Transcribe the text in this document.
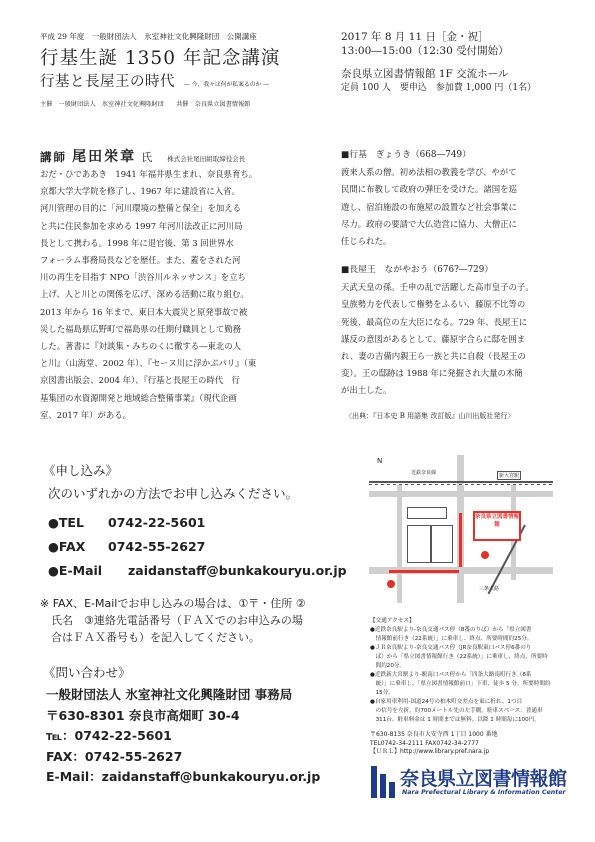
平成 29 年度　一般財団法人　氷室神社文化興隆財団　公開講座
行基生誕 1350 年記念講演
行基と長屋王の時代 ― 今、我々は何が私案るのか ―
主催　一般財団法人　氷室神社文化興隆財団　　共催　奈良県立図書情報館
2017 年 8 月 11 日［金・祝］
13:00―15:00（12:30 受付開始）
奈良県立図書情報館 1F 交流ホール
定員 100 人　要申込　参加費 1,000 円（1名）
講師 尾田栄章 氏 株式会社尾田組取締役会長
おだ・ひでああき　1941 年福井県生まれ、奈良県育ち。
京都大学大学院を修了し、1967 年に建設省に入省。
河川管理の目的に「河川環境の整備と保全」を加える
と共に住民参加を求める 1997 年河川法改正に河川局
長として携わる。1998 年に退官後、第 3 回世界水
フォーラム事務局長などを歴任。また、蓋をされた河
川の再生を目指す NPO「渋谷川ルネッサンス」を立ち
上げ、人と川との関係を広げ、深める活動に取り組む。
2013 年から 16 年まで、東日本大震災と原発事故で被
災した福島県広野町で福島県の任期付職員として勤務
した。著書に『対談集・みちのくに徹する―東北の人
と川』（山海堂、2002 年）、『セーヌ川に浮かぶパリ』（東
京図書出版会、2004 年）、『行基と長屋王の時代　行
基集団の水資源開発と地域総合整備事業』（現代企画
室、2017 年）がある。
■行基　ぎょうき（668―749）
渡来人系の僧。初め法相の教義を学び、やがて
民間に布教して政府の弾圧を受けた。諸国を巡
遊し、宿泊施設の布施屋の設置など社会事業に
尽力。政府の要請で大仏造営に協力、大僧正に
任じられた。
■長屋王　ながやおう（676?―729）
天武天皇の孫。壬申の乱で活躍した高市皇子の子。
皇族勢力を代表して権勢をふるい、藤原不比等の
死後、最高位の左大臣になる。729 年、長屋王に
謀反の意図があるとして、藤原宇合らに邸を囲ま
れ、妻の吉備内親王ら一族と共に自殺（長屋王の
変）。王の邸跡は 1988 年に発掘され大量の木簡
が出土した。
〈出典：『日本史 B 用語集 改訂版』山川出版社発行〉
《申し込み》
次のいずれかの方法でお申し込みください。
●TEL 0742-22-5601
●FAX 0742-55-2627
●E-Mail zaidanstaff@bunkakouryu.or.jp
※ FAX、E-Mailでお申し込みの場合は、①〒・住所 ②
　氏名　③連絡先電話番号（ＦＡＸでのお申込みの場
　合はＦＡＸ番号も）を記入してください。
《問い合わせ》
一般財団法人 氷室神社文化興隆財団 事務局
〒630-8301 奈良市高畑町 30-4
℡：0742-22-5601
FAX：0742-55-2627
E-Mail：zaidanstaff@bunkakouryu.or.jp
近鉄奈良線	新大宮駅
N
奈良県立図書情報館
三条大路
【交通アクセス】
●近鉄奈良駅より-奈良交通バス停（8番のりば）から「県立図書
　情報館前行き（22系統）」に乗車し、終点、所要時間約25分。
●ＪＲ奈良駅より-奈良交通バス停（JR奈良駅東口バス停6番のり
　ば）から「県立図書情報館行き（22系統）」に乗車し、終点、所要時
　間約20分。
●近鉄新大宮駅より-駅南口バス停から「四条大路南町行き（8系
　統）」に乗車し、「県立図書情報館前口」下車、徒歩 5 分。所要時間約
　15分。
●自家用車利用-国道24号の柏木町交差点を東に折れ、1つ目
　の信号を左折。約700メートル先の左手側。駐車スペース：普通車
　311台。駐車料金は 1 時間までは無料。以降 1 時間毎に100円。
〒630-8135 奈良市大安寺西 1丁目 1000 番地
TEL0742-34-2111 FAX0742-34-2777
【ＵＲＬ】http://www.library.pref.nara.jp
奈良県立図書情報館
Nara Prefectural Library & Information Center
